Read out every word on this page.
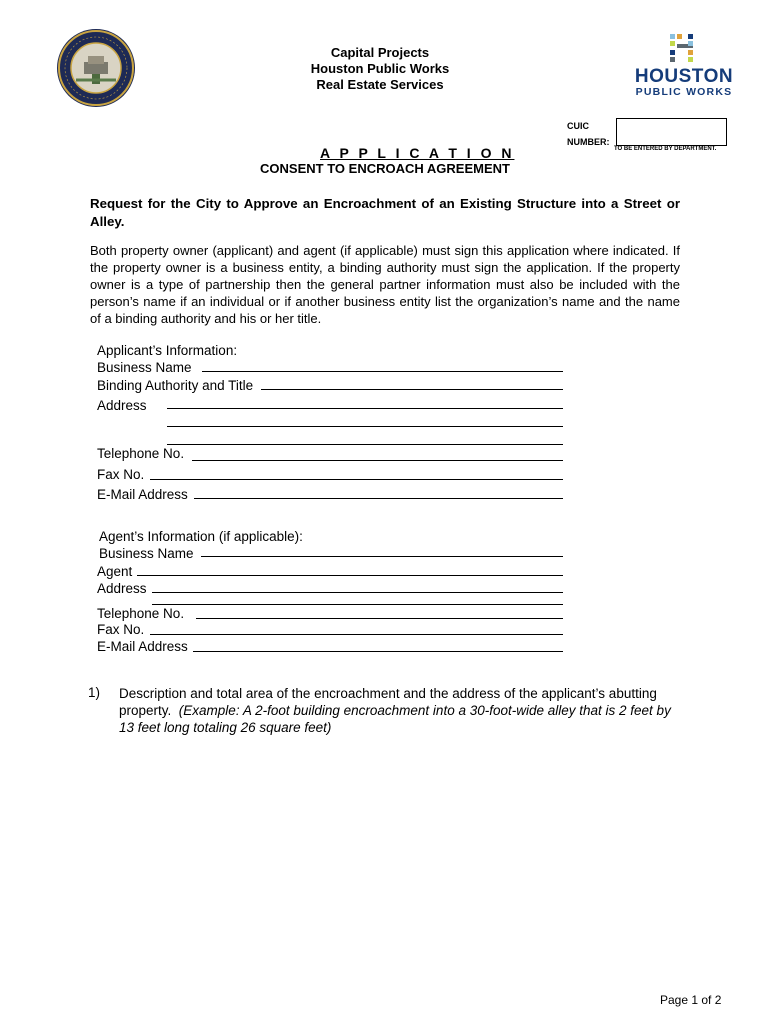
Capital Projects
Houston Public Works
Real Estate Services	HOUSTON
PUBLIC WORKS
CUIC
NUMBER:
TO BE ENTERED BY DEPARTMENT.
A P P L I C A T I O N
CONSENT TO ENCROACH AGREEMENT
Request for the City to Approve an Encroachment of an Existing Structure into a Street or Alley.
Both property owner (applicant) and agent (if applicable) must sign this application where indicated. If the property owner is a business entity, a binding authority must sign the application. If the property owner is a type of partnership then the general partner information must also be included with the person’s name if an individual or if another business entity list the organization’s name and the name of a binding authority and his or her title.
Applicant’s Information:
Business Name
Binding Authority and Title
Address
Telephone No.
Fax No.
E-Mail Address
Agent’s Information (if applicable):
Business Name
Agent
Address
Telephone No.
Fax No.
E-Mail Address
1) Description and total area of the encroachment and the address of the applicant’s abutting property. (Example: A 2-foot building encroachment into a 30-foot-wide alley that is 2 feet by 13 feet long totaling 26 square feet)
Page 1 of 2
